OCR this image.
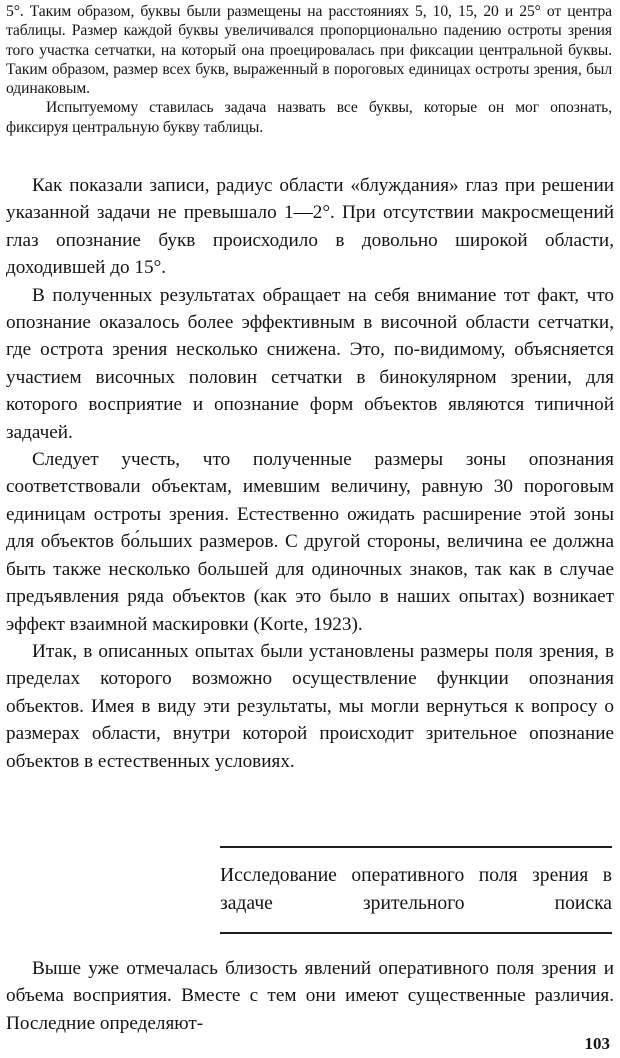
5°. Таким образом, буквы были размещены на расстояниях 5, 10, 15, 20 и 25° от центра таблицы. Размер каждой буквы увеличивался пропорционально падению остроты зрения того участка сетчатки, на который она проецировалась при фиксации центральной буквы. Таким образом, размер всех букв, выраженный в пороговых единицах остроты зрения, был одинаковым.

Испытуемому ставилась задача назвать все буквы, которые он мог опознать, фиксируя центральную букву таблицы.

Как показали записи, радиус области «блуждания» глаз при решении указанной задачи не превышало 1—2°. При отсутствии макросмещений глаз опознание букв происходило в довольно широкой области, доходившей до 15°.

В полученных результатах обращает на себя внимание тот факт, что опознание оказалось более эффективным в височной области сетчатки, где острота зрения несколько снижена. Это, по-видимому, объясняется участием височных половин сетчатки в бинокулярном зрении, для которого восприятие и опознание форм объектов являются типичной задачей.

Следует учесть, что полученные размеры зоны опознания соответствовали объектам, имевшим величину, равную 30 пороговым единицам остроты зрения. Естественно ожидать расширение этой зоны для объектов бо́льших размеров. С другой стороны, величина ее должна быть также несколько большей для одиночных знаков, так как в случае предъявления ряда объектов (как это было в наших опытах) возникает эффект взаимной маскировки (Korte, 1923).

Итак, в описанных опытах были установлены размеры поля зрения, в пределах которого возможно осуществление функции опознания объектов. Имея в виду эти результаты, мы могли вернуться к вопросу о размерах области, внутри которой происходит зрительное опознание объектов в естественных условиях.

Исследование оперативного поля зрения в задаче зрительного поиска

Выше уже отмечалась близость явлений оперативного поля зрения и объема восприятия. Вместе с тем они имеют существенные различия. Последние определяют-

103
